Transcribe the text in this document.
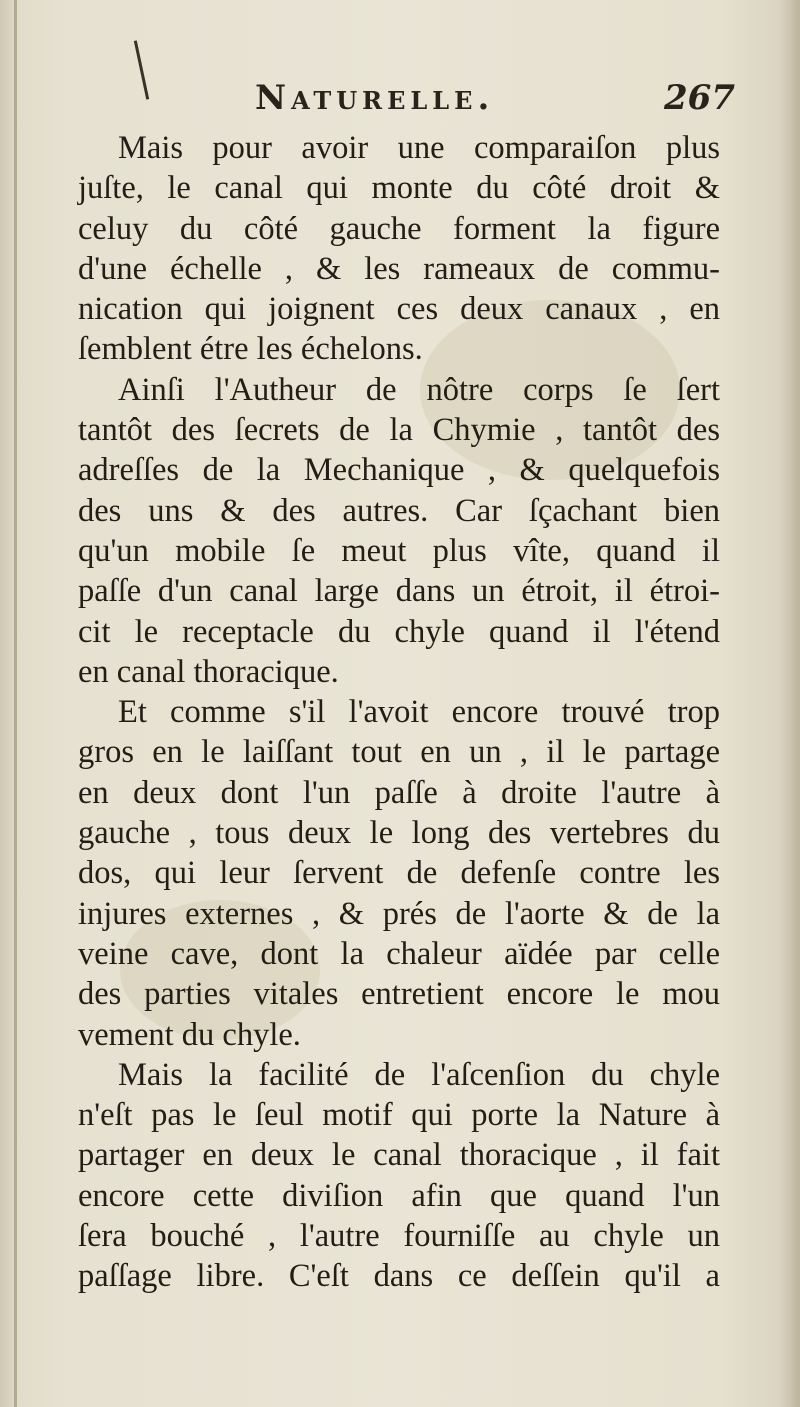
Naturelle.	267
Mais pour avoir une comparaiſon plus
juſte, le canal qui monte du côté droit &
celuy du côté gauche forment la figure
d'une échelle , & les rameaux de commu-
nication qui joignent ces deux canaux , en
ſemblent étre les échelons.
Ainſi l'Autheur de nôtre corps ſe ſert
tantôt des ſecrets de la Chymie , tantôt des
adreſſes de la Mechanique , & quelquefois
des uns & des autres. Car ſçachant bien
qu'un mobile ſe meut plus vîte, quand il
paſſe d'un canal large dans un étroit, il étroi-
cit le receptacle du chyle quand il l'étend
en canal thoracique.
Et comme s'il l'avoit encore trouvé trop
gros en le laiſſant tout en un , il le partage
en deux dont l'un paſſe à droite l'autre à
gauche , tous deux le long des vertebres du
dos, qui leur ſervent de defenſe contre les
injures externes , & prés de l'aorte & de la
veine cave, dont la chaleur aïdée par celle
des parties vitales entretient encore le mou
vement du chyle.
Mais la facilité de l'aſcenſion du chyle
n'eſt pas le ſeul motif qui porte la Nature à
partager en deux le canal thoracique , il fait
encore cette diviſion afin que quand l'un
ſera bouché , l'autre fourniſſe au chyle un
paſſage libre. C'eſt dans ce deſſein qu'il a
